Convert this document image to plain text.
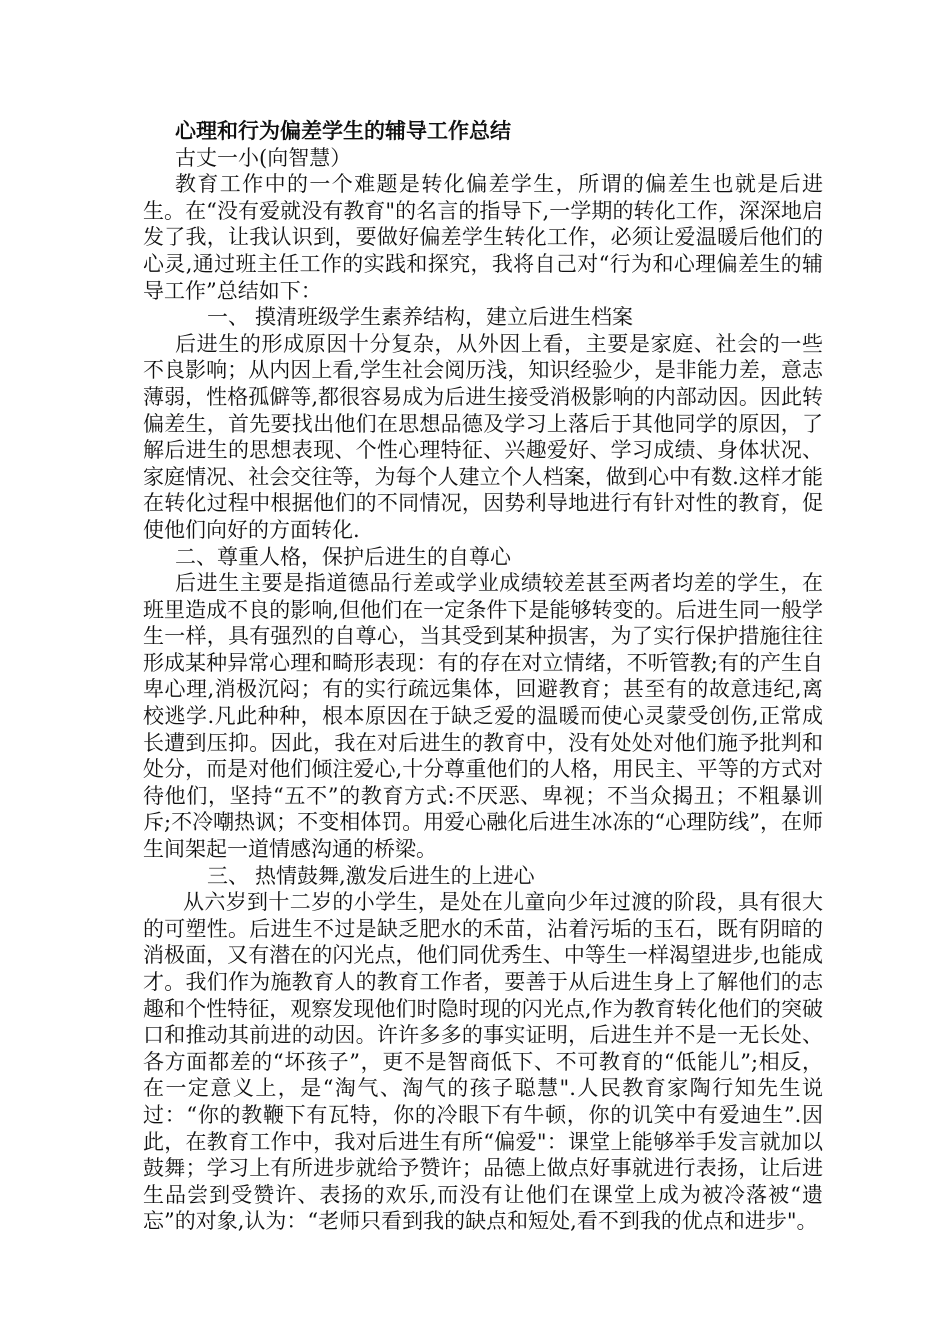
心理和行为偏差学生的辅导工作总结

古丈一小(向智慧）

教育工作中的一个难题是转化偏差学生，所谓的偏差生也就是后进生。在“没有爱就没有教育"的名言的指导下,一学期的转化工作，深深地启发了我，让我认识到，要做好偏差学生转化工作，必须让爱温暖后他们的心灵,通过班主任工作的实践和探究，我将自己对“行为和心理偏差生的辅导工作”总结如下：

一、 摸清班级学生素养结构，建立后进生档案

后进生的形成原因十分复杂，从外因上看，主要是家庭、社会的一些不良影响；从内因上看,学生社会阅历浅，知识经验少，是非能力差，意志薄弱，性格孤僻等,都很容易成为后进生接受消极影响的内部动因。因此转偏差生，首先要找出他们在思想品德及学习上落后于其他同学的原因，了解后进生的思想表现、个性心理特征、兴趣爱好、学习成绩、身体状况、家庭情况、社会交往等，为每个人建立个人档案，做到心中有数.这样才能在转化过程中根据他们的不同情况，因势利导地进行有针对性的教育，促使他们向好的方面转化.

二、尊重人格，保护后进生的自尊心

后进生主要是指道德品行差或学业成绩较差甚至两者均差的学生，在班里造成不良的影响,但他们在一定条件下是能够转变的。后进生同一般学生一样，具有强烈的自尊心，当其受到某种损害，为了实行保护措施往往形成某种异常心理和畸形表现：有的存在对立情绪，不听管教;有的产生自卑心理,消极沉闷；有的实行疏远集体，回避教育；甚至有的故意违纪,离校逃学.凡此种种，根本原因在于缺乏爱的温暖而使心灵蒙受创伤,正常成长遭到压抑。因此，我在对后进生的教育中，没有处处对他们施予批判和处分，而是对他们倾注爱心,十分尊重他们的人格，用民主、平等的方式对待他们，坚持“五不”的教育方式:不厌恶、卑视；不当众揭丑；不粗暴训斥;不冷嘲热讽；不变相体罚。用爱心融化后进生冰冻的“心理防线”，在师生间架起一道情感沟通的桥梁。

三、 热情鼓舞,激发后进生的上进心

从六岁到十二岁的小学生，是处在儿童向少年过渡的阶段，具有很大的可塑性。后进生不过是缺乏肥水的禾苗，沾着污垢的玉石，既有阴暗的消极面，又有潜在的闪光点，他们同优秀生、中等生一样渴望进步,也能成才。我们作为施教育人的教育工作者，要善于从后进生身上了解他们的志趣和个性特征，观察发现他们时隐时现的闪光点,作为教育转化他们的突破口和推动其前进的动因。许许多多的事实证明，后进生并不是一无长处、各方面都差的“坏孩子”，更不是智商低下、不可教育的“低能儿”;相反，在一定意义上，是“淘气、淘气的孩子聪慧".人民教育家陶行知先生说过：“你的教鞭下有瓦特，你的冷眼下有牛顿，你的讥笑中有爱迪生”.因此，在教育工作中，我对后进生有所“偏爱"：课堂上能够举手发言就加以鼓舞；学习上有所进步就给予赞许；品德上做点好事就进行表扬，让后进生品尝到受赞许、表扬的欢乐,而没有让他们在课堂上成为被冷落被“遗忘”的对象,认为：“老师只看到我的缺点和短处,看不到我的优点和进步"。
